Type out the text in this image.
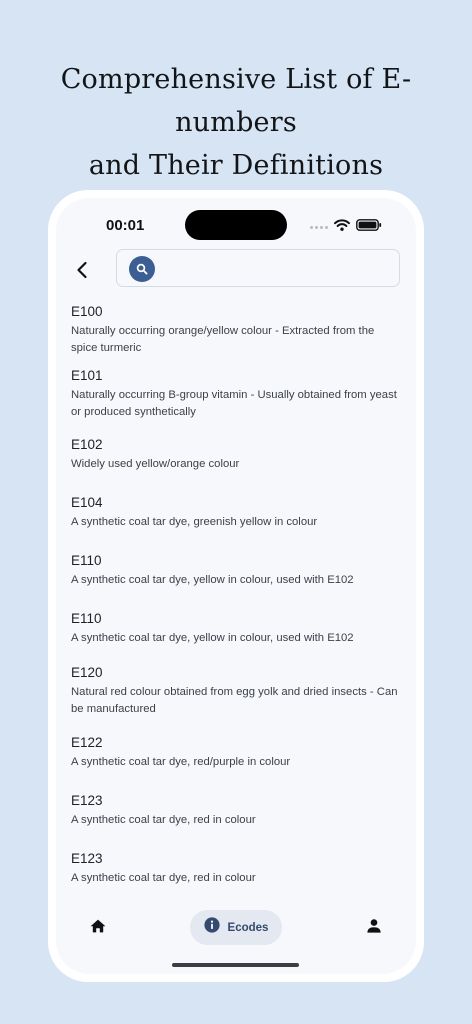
Comprehensive List of E-numbers
and Their Definitions
00:01
E100
Naturally occurring orange/yellow colour - Extracted from the spice turmeric
E101
Naturally occurring B-group vitamin - Usually obtained from yeast or produced synthetically
E102
Widely used yellow/orange colour
E104
A synthetic coal tar dye, greenish yellow in colour
E110
A synthetic coal tar dye, yellow in colour, used with E102
E110
A synthetic coal tar dye, yellow in colour, used with E102
E120
Natural red colour obtained from egg yolk and dried insects - Can be manufactured
E122
A synthetic coal tar dye, red/purple in colour
E123
A synthetic coal tar dye, red in colour
E123
A synthetic coal tar dye, red in colour
Ecodes
